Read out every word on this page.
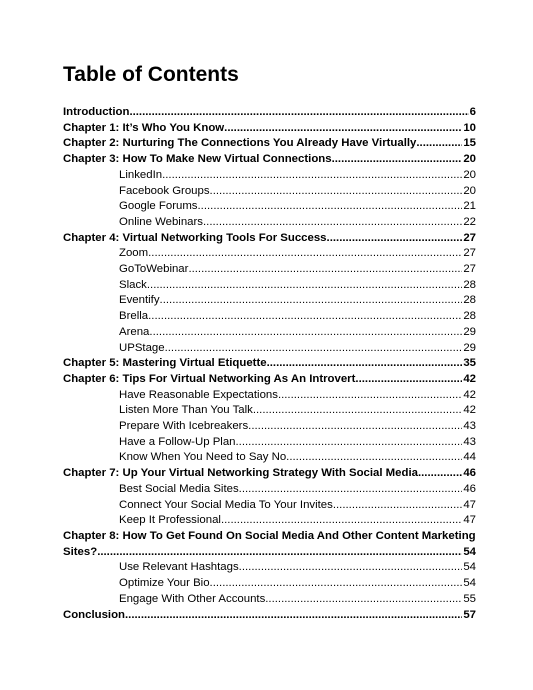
Table of Contents
Introduction .....	6
Chapter 1: It’s Who You Know .....	10
Chapter 2: Nurturing The Connections You Already Have Virtually .....	15
Chapter 3: How To Make New Virtual Connections .....	20
LinkedIn .....	20
Facebook Groups .....	20
Google Forums .....	21
Online Webinars .....	22
Chapter 4: Virtual Networking Tools For Success .....	27
Zoom .....	27
GoToWebinar .....	27
Slack .....	28
Eventify .....	28
Brella .....	28
Arena .....	29
UPStage .....	29
Chapter 5: Mastering Virtual Etiquette .....	35
Chapter 6: Tips For Virtual Networking As An Introvert .....	42
Have Reasonable Expectations .....	42
Listen More Than You Talk .....	42
Prepare With Icebreakers .....	43
Have a Follow-Up Plan .....	43
Know When You Need to Say No .....	44
Chapter 7: Up Your Virtual Networking Strategy With Social Media .....	46
Best Social Media Sites .....	46
Connect Your Social Media To Your Invites .....	47
Keep It Professional .....	47
Chapter 8: How To Get Found On Social Media And Other Content Marketing
Sites? .....	54
Use Relevant Hashtags .....	54
Optimize Your Bio .....	54
Engage With Other Accounts .....	55
Conclusion .....	57
